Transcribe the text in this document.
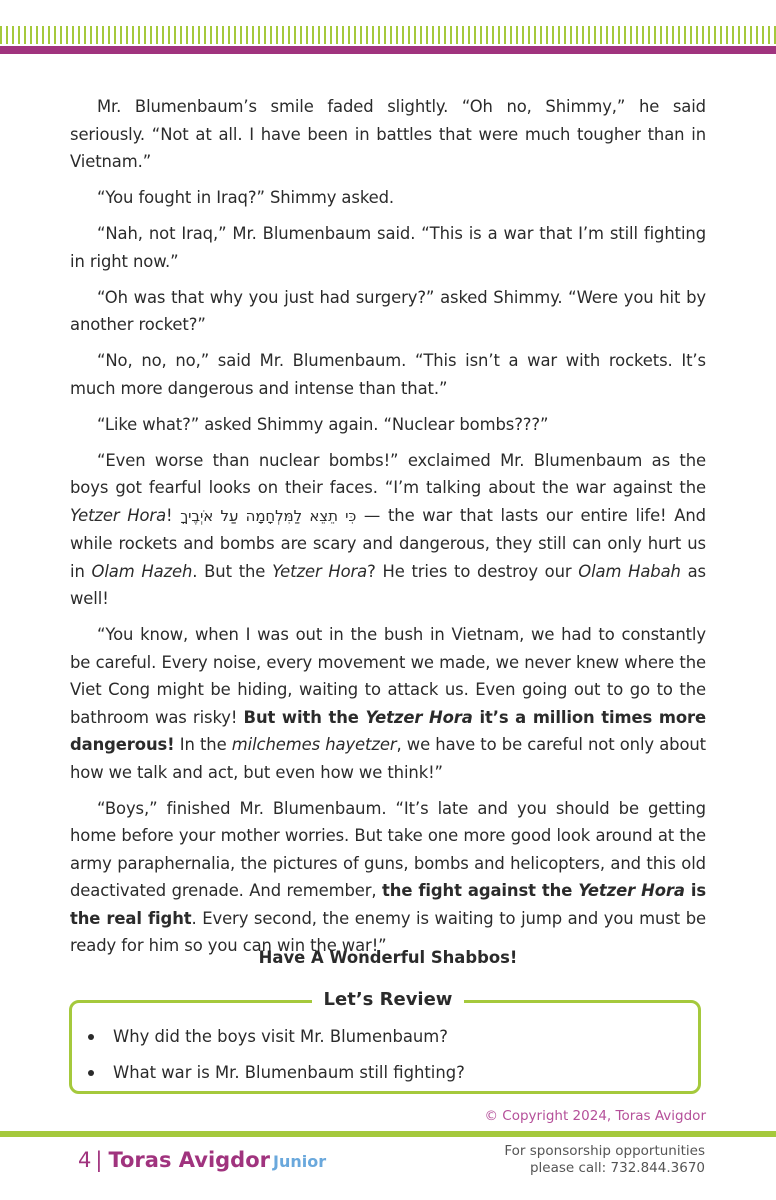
Mr. Blumenbaum’s smile faded slightly. “Oh no, Shimmy,” he said seriously. “Not at all. I have been in battles that were much tougher than in Vietnam.”

“You fought in Iraq?” Shimmy asked.

“Nah, not Iraq,” Mr. Blumenbaum said. “This is a war that I’m still fighting in right now.”

“Oh was that why you just had surgery?” asked Shimmy. “Were you hit by another rocket?”

“No, no, no,” said Mr. Blumenbaum. “This isn’t a war with rockets. It’s much more dangerous and intense than that.”

“Like what?” asked Shimmy again. “Nuclear bombs???”

“Even worse than nuclear bombs!” exclaimed Mr. Blumenbaum as the boys got fearful looks on their faces. “I’m talking about the war against the Yetzer Hora! כִּי תֵצֵא לַמִּלְחָמָה עַל אֹיְבֶיךָ — the war that lasts our entire life! And while rockets and bombs are scary and dangerous, they still can only hurt us in Olam Hazeh. But the Yetzer Hora? He tries to destroy our Olam Habah as well!

“You know, when I was out in the bush in Vietnam, we had to constantly be careful. Every noise, every movement we made, we never knew where the Viet Cong might be hiding, waiting to attack us. Even going out to go to the bathroom was risky! But with the Yetzer Hora it’s a million times more dangerous! In the milchemes hayetzer, we have to be careful not only about how we talk and act, but even how we think!”

“Boys,” finished Mr. Blumenbaum. “It’s late and you should be getting home before your mother worries. But take one more good look around at the army paraphernalia, the pictures of guns, bombs and helicopters, and this old deactivated grenade. And remember, the fight against the Yetzer Hora is the real fight. Every second, the enemy is waiting to jump and you must be ready for him so you can win the war!”

Have A Wonderful Shabbos!
Let’s Review
Why did the boys visit Mr. Blumenbaum?
What war is Mr. Blumenbaum still fighting?
© Copyright 2024, Toras Avigdor
4 | Toras Avigdor Junior
For sponsorship opportunities
please call: 732.844.3670
